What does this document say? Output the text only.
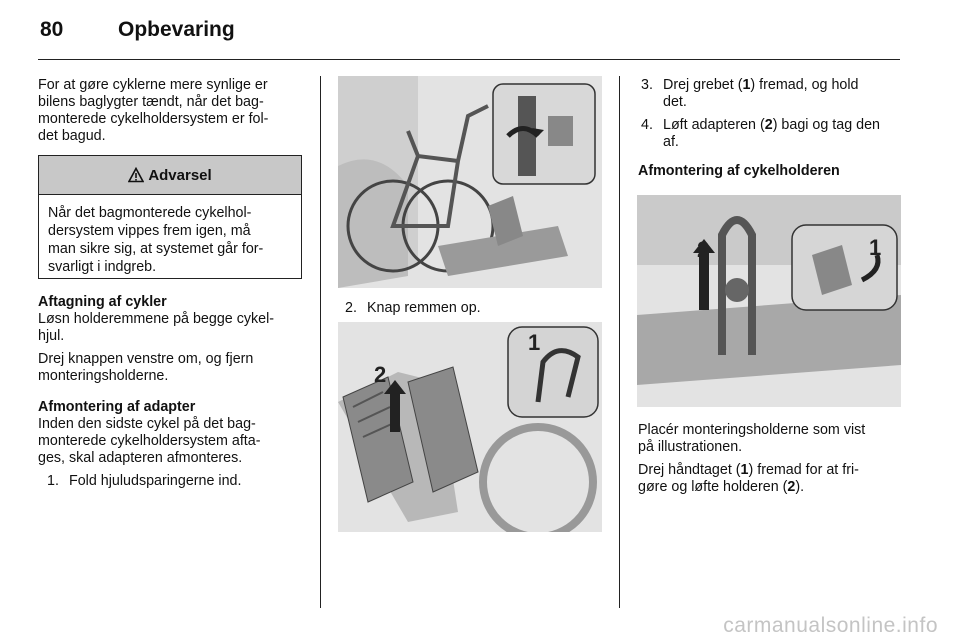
80	Opbevaring
For at gøre cyklerne mere synlige er
bilens baglygter tændt, når det bag-
monterede cykelholdersystem er fol-
det bagud.
Advarsel
Når det bagmonterede cykelhol-
dersystem vippes frem igen, må
man sikre sig, at systemet går for-
svarligt i indgreb.
Aftagning af cykler

Løsn holderemmene på begge cykel-
hjul.

Drej knappen venstre om, og fjern
monteringsholderne.

Afmontering af adapter

Inden den sidste cykel på det bag-
monterede cykelholdersystem afta-
ges, skal adapteren afmonteres.

1. Fold hjuludsparingerne ind.
2. Knap remmen op.
2
1
3. Drej grebet (1) fremad, og hold
det.
4. Løft adapteren (2) bagi og tag den
af.
Afmontering af cykelholderen
2	1

Placér monteringsholderne som vist
på illustrationen.

Drej håndtaget (1) fremad for at fri-
gøre og løfte holderen (2).

carmanualsonline.info
